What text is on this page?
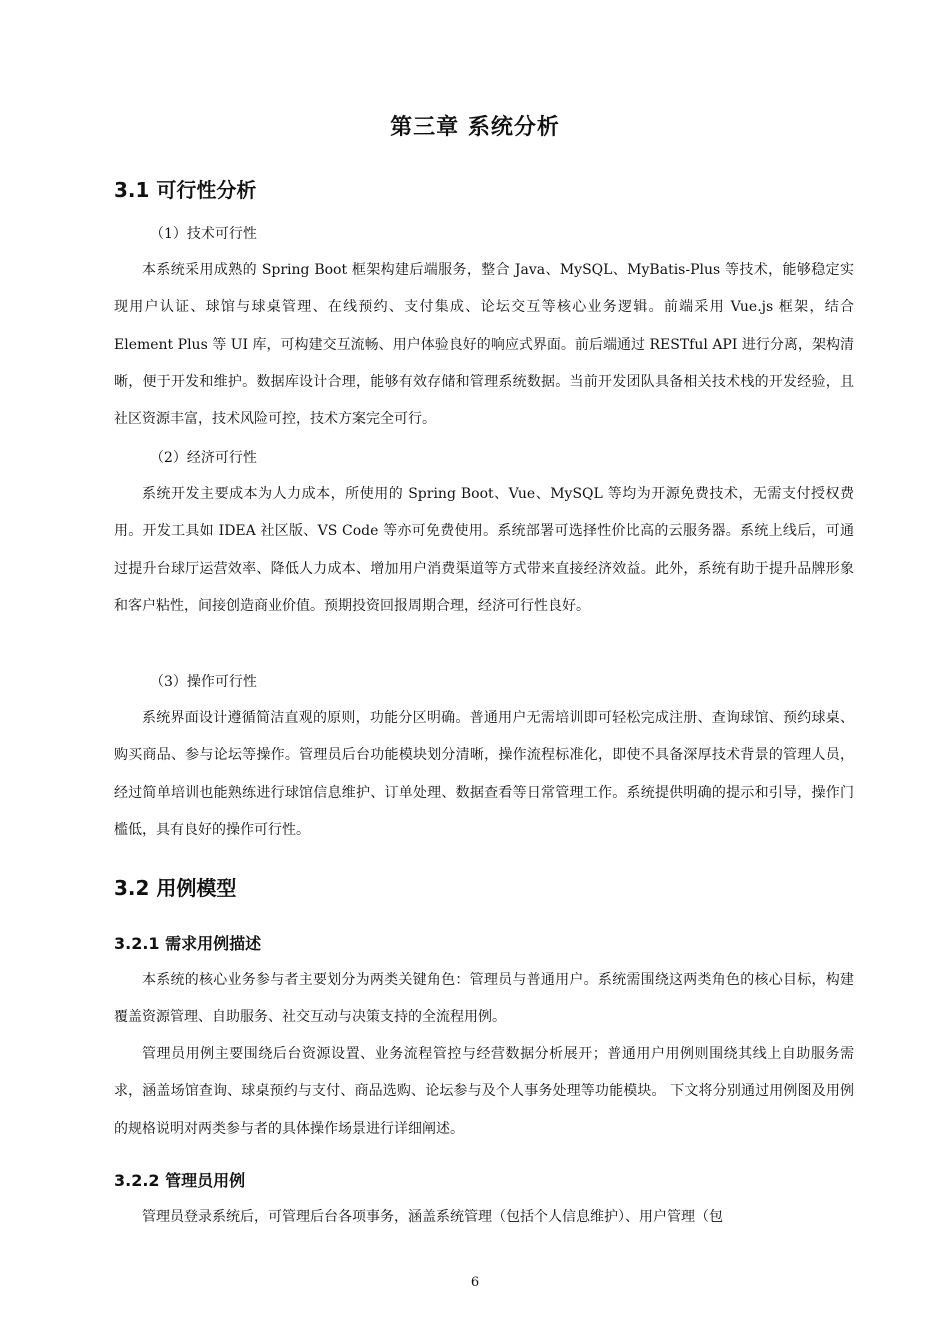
第三章 系统分析
3.1 可行性分析
（1）技术可行性

本系统采用成熟的 Spring Boot 框架构建后端服务，整合 Java、MySQL、MyBatis-Plus 等技术，能够稳定实现用户认证、球馆与球桌管理、在线预约、支付集成、论坛交互等核心业务逻辑。前端采用 Vue.js 框架，结合 Element Plus 等 UI 库，可构建交互流畅、用户体验良好的响应式界面。前后端通过 RESTful API 进行分离，架构清晰，便于开发和维护。数据库设计合理，能够有效存储和管理系统数据。当前开发团队具备相关技术栈的开发经验，且社区资源丰富，技术风险可控，技术方案完全可行。

（2）经济可行性

系统开发主要成本为人力成本，所使用的 Spring Boot、Vue、MySQL 等均为开源免费技术，无需支付授权费用。开发工具如 IDEA 社区版、VS Code 等亦可免费使用。系统部署可选择性价比高的云服务器。系统上线后，可通过提升台球厅运营效率、降低人力成本、增加用户消费渠道等方式带来直接经济效益。此外，系统有助于提升品牌形象和客户粘性，间接创造商业价值。预期投资回报周期合理，经济可行性良好。

（3）操作可行性

系统界面设计遵循简洁直观的原则，功能分区明确。普通用户无需培训即可轻松完成注册、查询球馆、预约球桌、购买商品、参与论坛等操作。管理员后台功能模块划分清晰，操作流程标准化，即使不具备深厚技术背景的管理人员，经过简单培训也能熟练进行球馆信息维护、订单处理、数据查看等日常管理工作。系统提供明确的提示和引导，操作门槛低，具有良好的操作可行性。

3.2 用例模型
3.2.1 需求用例描述

本系统的核心业务参与者主要划分为两类关键角色：管理员与普通用户。系统需围绕这两类角色的核心目标，构建覆盖资源管理、自助服务、社交互动与决策支持的全流程用例。

管理员用例主要围绕后台资源设置、业务流程管控与经营数据分析展开；普通用户用例则围绕其线上自助服务需求，涵盖场馆查询、球桌预约与支付、商品选购、论坛参与及个人事务处理等功能模块。 下文将分别通过用例图及用例的规格说明对两类参与者的具体操作场景进行详细阐述。

3.2.2 管理员用例

管理员登录系统后，可管理后台各项事务，涵盖系统管理（包括个人信息维护）、用户管理（包

6
